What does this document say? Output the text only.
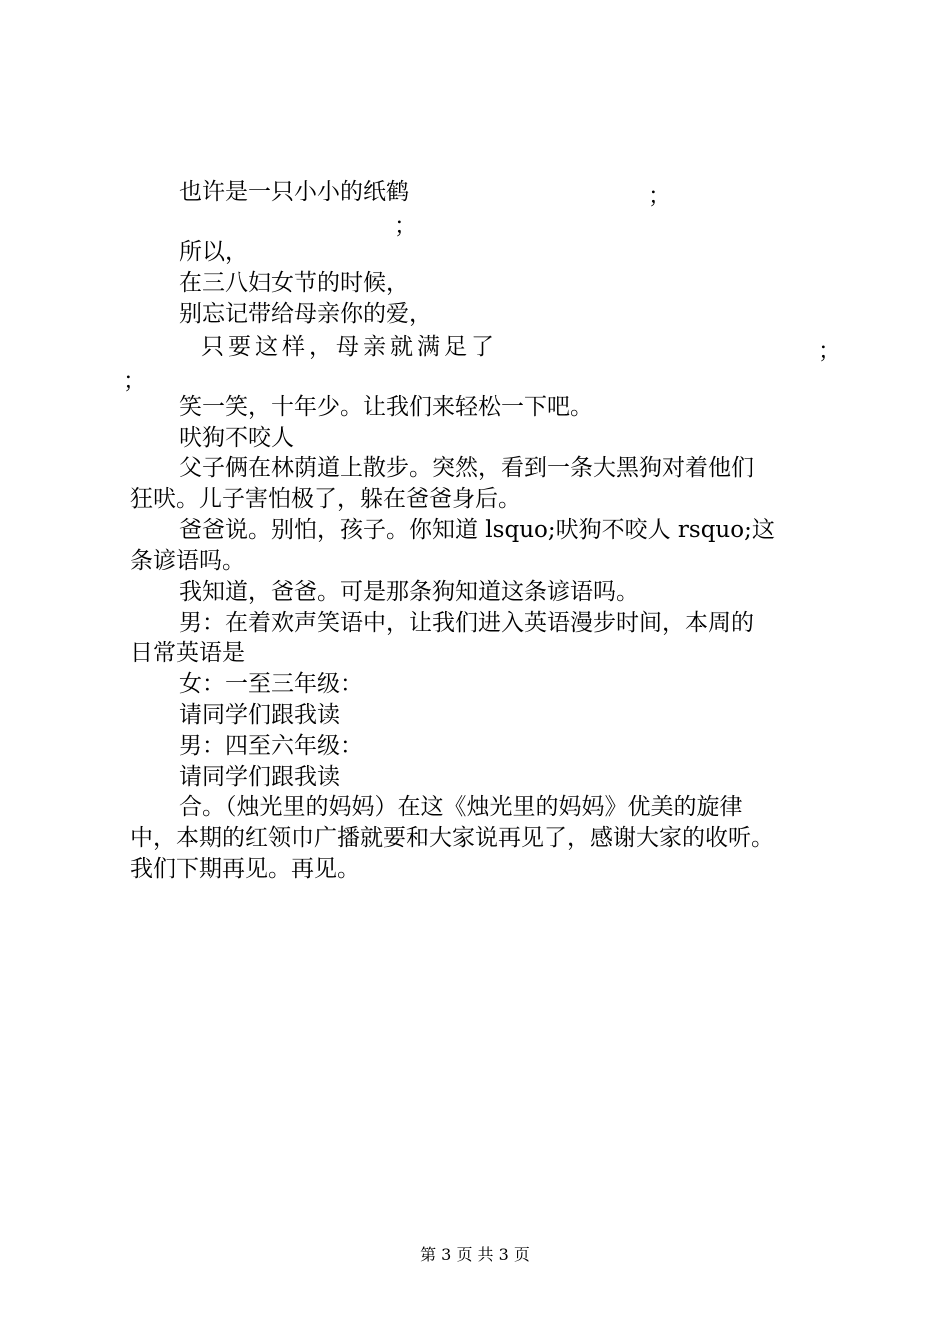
也许是一只小小的纸鹤	；
；
所以，
在三八妇女节的时候，
别忘记带给母亲你的爱，
只要这样，母亲就满足了	；
；
笑一笑，十年少。让我们来轻松一下吧。
吠狗不咬人
父子俩在林荫道上散步。突然，看到一条大黑狗对着他们
狂吠。儿子害怕极了，躲在爸爸身后。
爸爸说。别怕，孩子。你知道 lsquo;吠狗不咬人 rsquo;这
条谚语吗。
我知道，爸爸。可是那条狗知道这条谚语吗。
男：在着欢声笑语中，让我们进入英语漫步时间，本周的
日常英语是
女：一至三年级：
请同学们跟我读
男：四至六年级：
请同学们跟我读
合。（烛光里的妈妈）在这《烛光里的妈妈》优美的旋律
中，本期的红领巾广播就要和大家说再见了，感谢大家的收听。
我们下期再见。再见。
第 3 页 共 3 页
